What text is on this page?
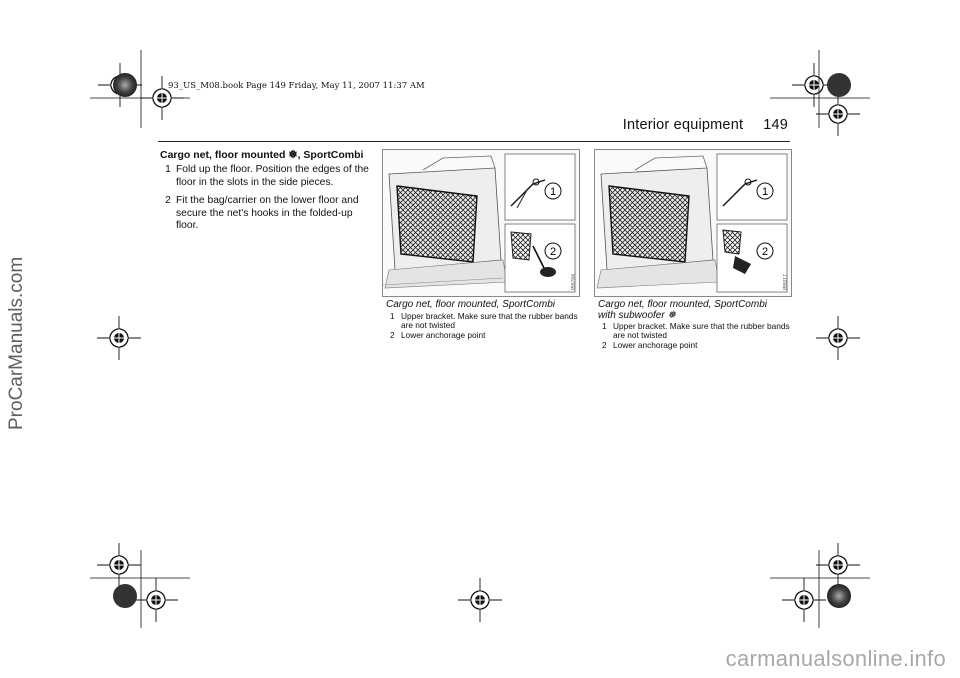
93_US_M08.book Page 149 Friday, May 11, 2007 11:37 AM
Interior equipment 149
Cargo net, floor mounted ❅, SportCombi
1 Fold up the floor. Position the edges of the floor in the slots in the side pieces.
2 Fit the bag/carrier on the lower floor and secure the net's hooks in the folded-up floor.
1
2
IB5784
Cargo net, floor mounted, SportCombi
1 Upper bracket. Make sure that the rubber bands are not twisted
2 Lower anchorage point
1
2
IB5017
Cargo net, floor mounted, SportCombi
with subwoofer ❅
1 Upper bracket. Make sure that the rubber bands are not twisted
2 Lower anchorage point
ProCarManuals.com
carmanualsonline.info
